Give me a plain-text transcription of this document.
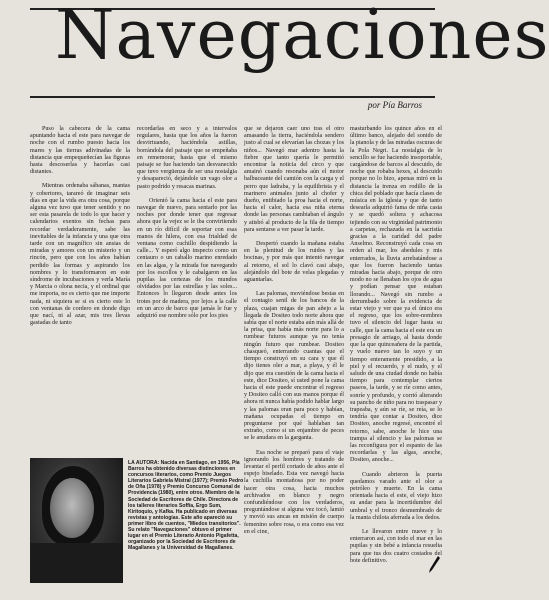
Navegaciones
por Pía Barros

Puso la cabecera de la cama apuntando hacia el este para navegar de noche con el rumbo puesto hacia los mares y las tierras adivinadas de la distancia que empequeñecían las figuras hasta descoserlas y hacerlas casi distantes.

Mientras ordenaba sábanas, mantas y cobertores, tarareó de imaginar seis días en que la vida era otra cosa, porque alguna vez tuvo que tener sentido y no ser esta pasarela de todo lo que hacer y calendarios exentos sin fechas para recordar verdaderamente, sabe las inevitables de la infancia y una que otra tarde con un magnífico sin ansias de miradas y amores con un misterio y un rincón, pero que con los años habían perdido las formas y aspirando los nombres y lo transformaron en este síndrome de incubaciones y verla María y Marcia o olona necia, y el ordinal que me importa, no es cierto que me importe nada, ni siquiera se si es cierto este lo con ventanas de cordero en donde digo que nací, ni al azar, mis tres llevas gastadas de tanto

recordarlas en seco y a intervalos regulares, hasta que los años la fueron desvirtuando, haciéndola astillas, borrándola del paisaje que se empeñaba en rememorar, hasta que el mismo paisaje se fue haciendo tan desvanecido que tuvo vergüenza de ser una nostalgia y desapareció, dejándole un vago olor a pasto podrido y resacas marinas.

Orientó la cama hacia el este para navegar de nuevo, para sentarlo por las noches por donde tener que regresar ahora que la vejez se le iba convirtiendo en un río difícil de soportar con esas manos de hilera, con esa frialdad de ventana como cuchillo despidiendo la calle... Y esperó algo inspecto como un centauro o un caballo marino enredado en las algas, y la mirada fue navegando por los escollos y le cabalgaron en las pupilas las certezas de los mundos olvidados por las estrellas y las soles... Entonces lo llegaron desde antes los trotes por de madera, por lejos a la calle en un arco de barco que jamás le fue y adquirió ese nombre sólo por los pies

que se dejaron caer uno tras el otro amasando la tierra, haciéndola sendero justo al cual se elevarían las chozas y los niños... Navegó mar adentro hasta la fiebre que tanto quería le permitió encontrar la noticia del circo y que amainó cuando resonaba aún el motor balbuceante del camión con la carga y el perro que ladraba, y la equilibrista y el marinero animales junto al chofer y dueño, entibiado la proa hacia el norte, hacia el calor, hacia esa niña eterna donde las personas cambiaban el ángulo y atisbó al producto de la fila de tiempo para sentarse a ver pasar la tarde.

Despertó cuando la mañana estaba en la plenitud de los ruidos y las bocinas, y por más que intentó navegar al retorno, el sol lo clavó casi abajo, alejándolo del bote de velas plegadas y aguantarlas.

Las palomas, moviéndose bestas en el contagio senil de los bancos de la plaza, cuajan migas de pan añejo a la llegada de Dositeo todo norte ahora que sabía que el norte estaba aún más allá de la prisa, que había más norte para lo a rumbear futuros aunque ya no tenía ningún futuro que rumbear. Dositeo chasqueó, enterrando cuantas que el tiempo construyó en su cara y que él dijo tienes oler a mar, a playa, y él le dijo que era cuestión de la cama hacia el este, dice Dositeo, sí usted pone la cama hacia el este puede encontrar el regreso y Dositeo calló con sus manos porque él ahora ni nunca había podido hablar largo y las palomas eran para poco y habían, mañana ocupadas el tiempo en preguntarse por qué hablaban tan extraño, como si un enjambre de peces se le anudara en la garganta.

Esa noche se preparó para el viaje ignorando los hombres y tratando de levantar el perfil cortado de años ante el espejo biselado. Esta vez navegó hacia la cuchilla montañosa por no poder hacer otra cosa, hacia muchos archivados en blanco y negro confundiéndose con los verdaderos, preguntándose si alguna vez tocó, lamió y movió sus ancas en misión de cuerpo femenino sobre rosa, o era como esa vez en el cine,

masturbando los quince años en el último banco, alejado del sonido de la pianola y de las miradas oscuras de la Pola Negri. La nostalgia de lo sencillo se fue haciendo insoportable, cargándose de barcos al descuido, de noche que robaba hexes, al descuido porque no lo hizo, apenas miró en la distancia la trenza en rodillo de la chica del poblado que hacía clases de música en la iglesia y que de tanto desearla adquirió fama de niña casta y se quedó soltera y achacosa tejiendo con su virginidad patrimonio a carpetas, rechazada en la sacristía gracias a la caridad del padre Anselmo. Reconstruyó cada cosa en orden al mar, los abedules y mis enterrados, la lluvia arrebatándose a que los fueron haciendo tantas miradas hacia abajo, porque de otro modo no se llenaban los ojos de agua y podían pensar que estaban llorando... Navegó sin rumbo a derrumbado sobre la evidencia de estar viejo y ver que ya el único era el regreso, que los sobre-nombres tuvo el silencio del lugar hasta su calle, que la cama hacia el este era un presagio de arriago, al hasta donde que la que quinceañera de la partida, y vuelo nuevo tan lo suyo y un tiempo enteramente presidido, a la piel y el recuerdo, y el nudo, y el saludo de una ciudad donde no había tiempo para contemplar ciertos paseos, la tarde, y se ríe como antes, sonríe y profundo, y corrió alterando su pancho de niño para no traspasar y trapeaba, y aún se ríe, se reía, se lo tendría que contar a Dositeo, dice Dositeo, anoche regresé, encontré el retorno, sabe, anoche le hice una trampa al silencio y las palomas se las reconfigura por el espanto de las recordarlas y las algas, anoche, Dositeo, anoche...

Cuando abrieron la puerta quedamos varado ante el olor a petróleo y muerte. En la cama orientada hacia el este, el viejo hizo su andar para la incertidumbre del umbral y el tronco desmembrado de la manta chilota aferrada a los dedos.

Le llevaron entre nueve y lo enterraron así, con todo el mar en las pupilas y sin bebé a infancia resuelta para que tus dos cuatro costados del bote definitivo.

LA AUTORA: Nacida en Santiago, en 1956, Pía Barros ha obtenido diversas distinciones en concursos literarios, como Premio Juegos Literarios Gabriela Mistral (1977); Premio Pedro de Oña (1978) y Premio Concurso Comunal de Providencia (1980), entre otros. Miembro de la Sociedad de Escritores de Chile. Directora de los talleres literarios Soffía, Ergo Sum, Kiritoquio, y Kafka. Ha publicado en diversas revistas y antologías. Este año apareció su primer libro de cuentos, "Miedos transitorios". Su relato "Navegaciones" obtuvo el primer lugar en el Premio Literario Antonio Pigafetta, organizado por la Sociedad de Escritores de Magallanes y la Universidad de Magallanes.
